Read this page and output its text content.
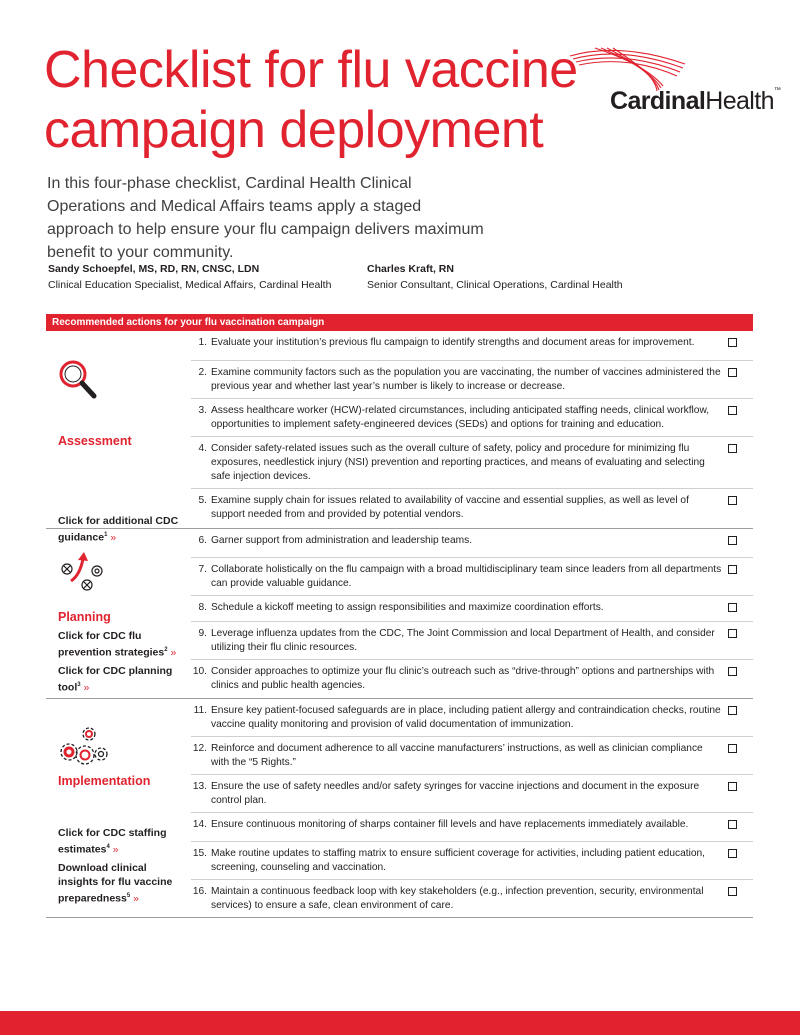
Checklist for flu vaccine
campaign deployment	CardinalHealth™

In this four-phase checklist, Cardinal Health Clinical Operations and Medical Affairs teams apply a staged approach to help ensure your flu campaign delivers maximum benefit to your community.

Sandy Schoepfel, MS, RD, RN, CNSC, LDN
Clinical Education Specialist, Medical Affairs, Cardinal Health
Charles Kraft, RN
Senior Consultant, Clinical Operations, Cardinal Health
Recommended actions for your flu vaccination campaign			

Assessment
Click for additional CDC guidance$^1$ »	1.	Evaluate your institution’s previous flu campaign to identify strengths and document areas for improvement.	

	2.	Examine community factors such as the population you are vaccinating, the number of vaccines administered the previous year and whether last year’s number is likely to increase or decrease.	

	3.	Assess healthcare worker (HCW)-related circumstances, including anticipated staffing needs, clinical workflow, opportunities to implement safety-engineered devices (SEDs) and options for training and education.	

	4.	Consider safety-related issues such as the overall culture of safety, policy and procedure for minimizing flu exposures, needlestick injury (NSI) prevention and reporting practices, and means of evaluating and selecting safe injection devices.	

	5.	Examine supply chain for issues related to availability of vaccine and essential supplies, as well as level of support needed from and provided by potential vendors.	

Planning
Click for CDC flu prevention strategies$^2$ »
Click for CDC planning tool$^3$ »	6.	Garner support from administration and leadership teams.	

	7.	Collaborate holistically on the flu campaign with a broad multidisciplinary team since leaders from all departments can provide valuable guidance.	

	8.	Schedule a kickoff meeting to assign responsibilities and maximize coordination efforts.	

	9.	Leverage influenza updates from the CDC, The Joint Commission and local Department of Health, and consider utilizing their flu clinic resources.	

	10.	Consider approaches to optimize your flu clinic’s outreach such as “drive-through” options and partnerships with clinics and public health agencies.	

Implementation
Click for CDC staffing estimates$^4$ »
Download clinical insights for flu vaccine preparedness$^5$ »	11.	Ensure key patient-focused safeguards are in place, including patient allergy and contraindication checks, routine vaccine quality monitoring and provision of valid documentation of immunization.	

	12.	Reinforce and document adherence to all vaccine manufacturers’ instructions, as well as clinician compliance with the “5 Rights.”	

	13.	Ensure the use of safety needles and/or safety syringes for vaccine injections and document in the exposure control plan.	

	14.	Ensure continuous monitoring of sharps container fill levels and have replacements immediately available.	

	15.	Make routine updates to staffing matrix to ensure sufficient coverage for activities, including patient education, screening, counseling and vaccination.	

	16.	Maintain a continuous feedback loop with key stakeholders (e.g., infection prevention, security, environmental services) to ensure a safe, clean environment of care.	
